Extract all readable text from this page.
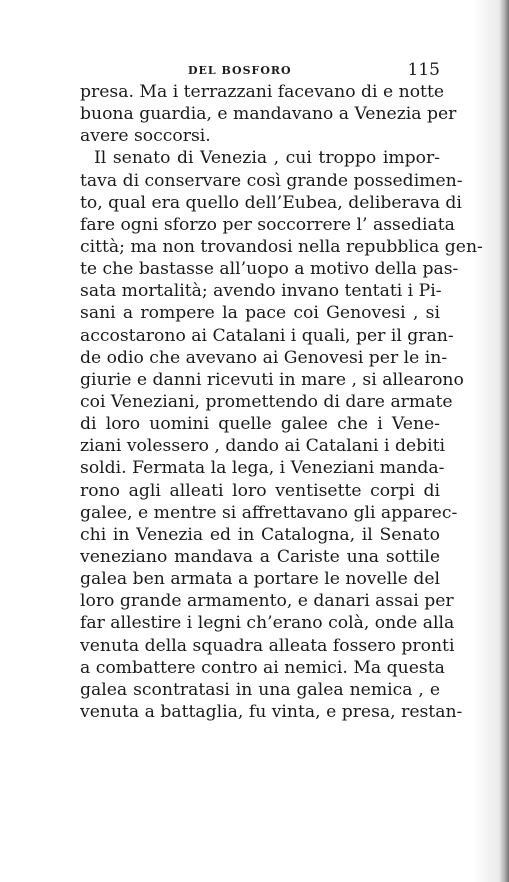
DEL BOSFORO	115
presa. Ma i terrazzani facevano di e notte
buona guardia, e mandavano a Venezia per
avere soccorsi.
Il senato di Venezia , cui troppo impor-
tava di conservare così grande possedimen-
to, qual era quello dell’Eubea, deliberava di
fare ogni sforzo per soccorrere l’ assediata
città; ma non trovandosi nella repubblica gen-
te che bastasse all’uopo a motivo della pas-
sata mortalità; avendo invano tentati i Pi-
sani a rompere la pace coi Genovesi , si
accostarono ai Catalani i quali, per il gran-
de odio che avevano ai Genovesi per le in-
giurie e danni ricevuti in mare , si allearono
coi Veneziani, promettendo di dare armate
di loro uomini quelle galee che i Vene-
ziani volessero , dando ai Catalani i debiti
soldi. Fermata la lega, i Veneziani manda-
rono agli alleati loro ventisette corpi di
galee, e mentre si affrettavano gli apparec-
chi in Venezia ed in Catalogna, il Senato
veneziano mandava a Cariste una sottile
galea ben armata a portare le novelle del
loro grande armamento, e danari assai per
far allestire i legni ch’erano colà, onde alla
venuta della squadra alleata fossero pronti
a combattere contro ai nemici. Ma questa
galea scontratasi in una galea nemica , e
venuta a battaglia, fu vinta, e presa, restan-
